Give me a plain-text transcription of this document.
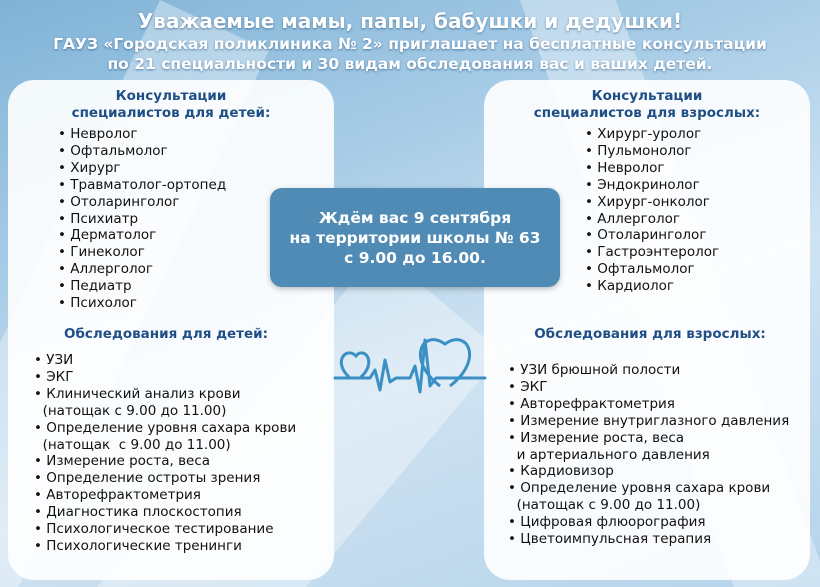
Уважаемые мамы, папы, бабушки и дедушки!
ГАУЗ «Городская поликлиника № 2» приглашает на бесплатные консультации
по 21 специальности и 30 видам обследования вас и ваших детей.
Консультации
специалистов для детей:
• Невролог
• Офтальмолог
• Хирург
• Травматолог-ортопед
• Отоларинголог
• Психиатр
• Дерматолог
• Гинеколог
• Аллерголог
• Педиатр
• Психолог
Консультации
специалистов для взрослых:
• Хирург-уролог
• Пульмонолог
• Невролог
• Эндокринолог
• Хирург-онколог
• Аллерголог
• Отоларинголог
• Гастроэнтеролог
• Офтальмолог
• Кардиолог
Ждём вас 9 сентября
на территории школы № 63
с 9.00 до 16.00.
Обследования для детей:
• УЗИ
• ЭКГ
• Клинический анализ крови
(натощак с 9.00 до 11.00)
• Определение уровня сахара крови
(натощак  с 9.00 до 11.00)
• Измерение роста, веса
• Определение остроты зрения
• Авторефрактометрия
• Диагностика плоскостопия
• Психологическое тестирование
• Психологические тренинги
Обследования для взрослых:
• УЗИ брюшной полости
• ЭКГ
• Авторефрактометрия
• Измерение внутриглазного давления
• Измерение роста, веса
и артериального давления
• Кардиовизор
• Определение уровня сахара крови
(натощак с 9.00 до 11.00)
• Цифровая флюорография
• Цветоимпульсная терапия
